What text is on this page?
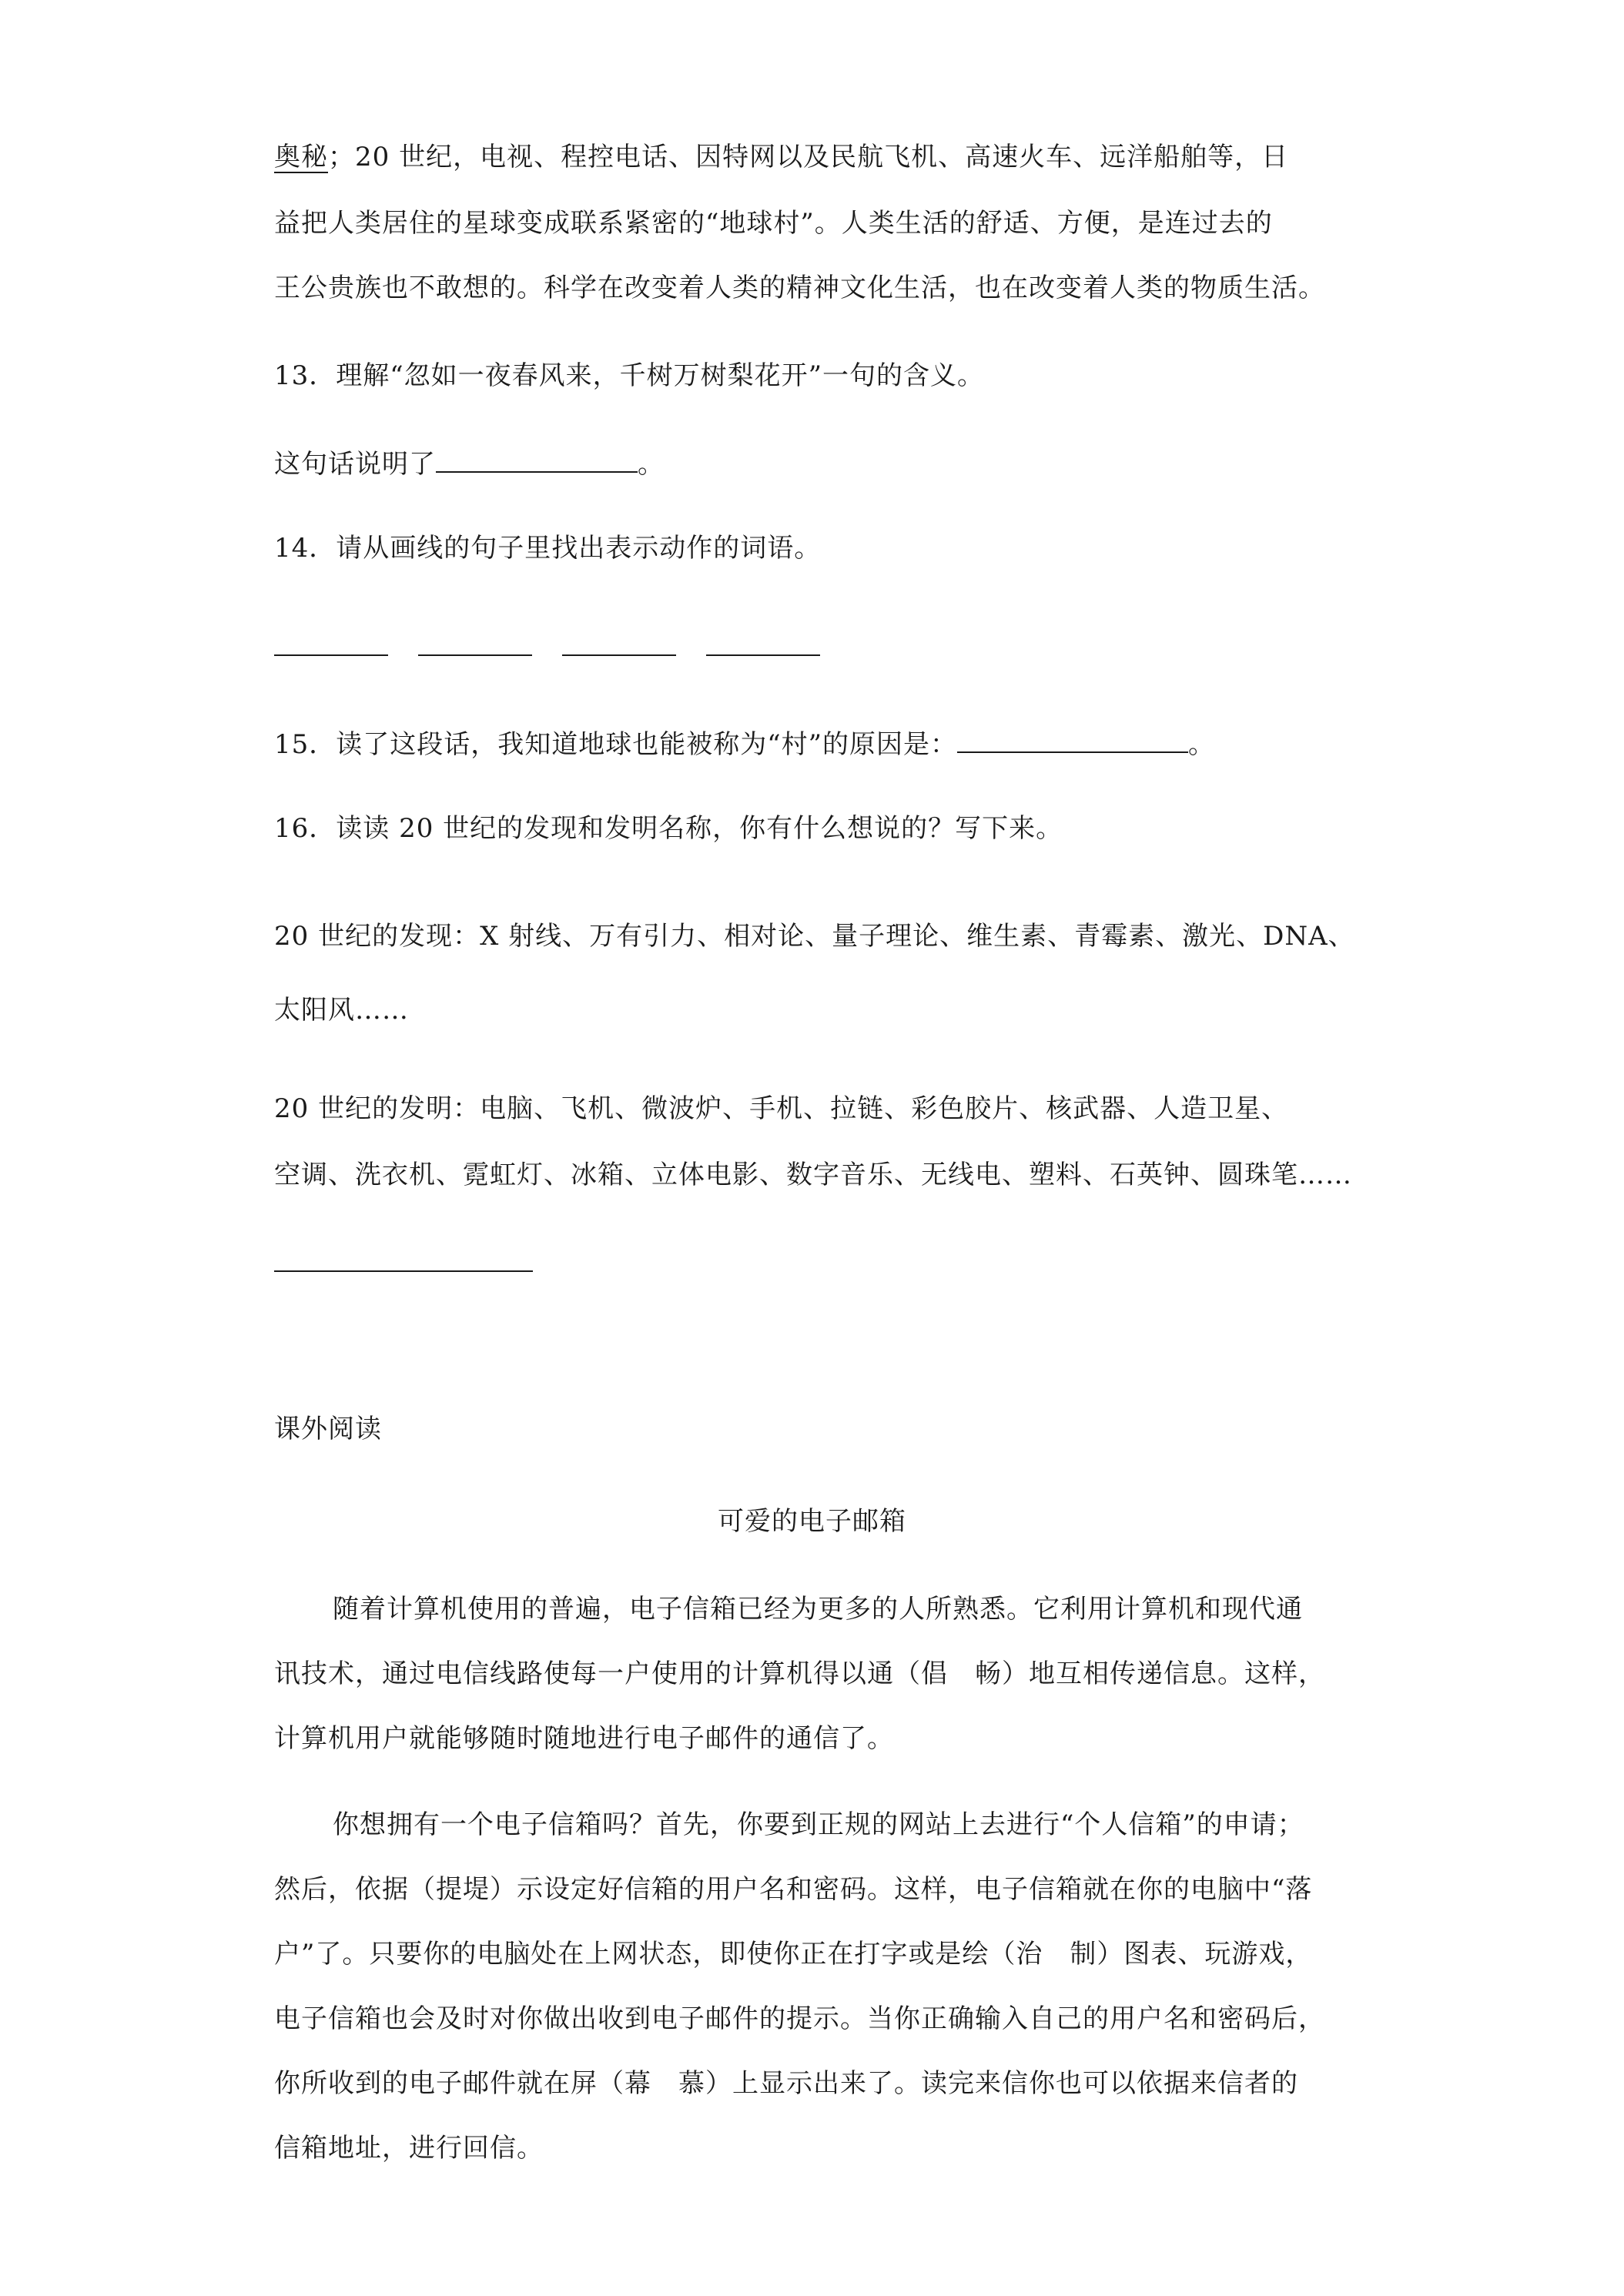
奥秘；20 世纪，电视、程控电话、因特网以及民航飞机、高速火车、远洋船舶等，日
益把人类居住的星球变成联系紧密的“地球村”。人类生活的舒适、方便，是连过去的
王公贵族也不敢想的。科学在改变着人类的精神文化生活，也在改变着人类的物质生活。
13．理解“忽如一夜春风来，千树万树梨花开”一句的含义。
这句话说明了	。
14．请从画线的句子里找出表示动作的词语。
15．读了这段话，我知道地球也能被称为“村”的原因是：	。
16．读读 20 世纪的发现和发明名称，你有什么想说的？写下来。
20 世纪的发现：X 射线、万有引力、相对论、量子理论、维生素、青霉素、激光、DNA、
太阳风……
20 世纪的发明：电脑、飞机、微波炉、手机、拉链、彩色胶片、核武器、人造卫星、
空调、洗衣机、霓虹灯、冰箱、立体电影、数字音乐、无线电、塑料、石英钟、圆珠笔……
课外阅读
可爱的电子邮箱
随着计算机使用的普遍，电子信箱已经为更多的人所熟悉。它利用计算机和现代通
讯技术，通过电信线路使每一户使用的计算机得以通（倡　畅）地互相传递信息。这样，
计算机用户就能够随时随地进行电子邮件的通信了。
你想拥有一个电子信箱吗？首先，你要到正规的网站上去进行“个人信箱”的申请；
然后，依据（提堤）示设定好信箱的用户名和密码。这样，电子信箱就在你的电脑中“落
户”了。只要你的电脑处在上网状态，即使你正在打字或是绘（治　制）图表、玩游戏，
电子信箱也会及时对你做出收到电子邮件的提示。当你正确输入自己的用户名和密码后，
你所收到的电子邮件就在屏（幕　慕）上显示出来了。读完来信你也可以依据来信者的
信箱地址，进行回信。
